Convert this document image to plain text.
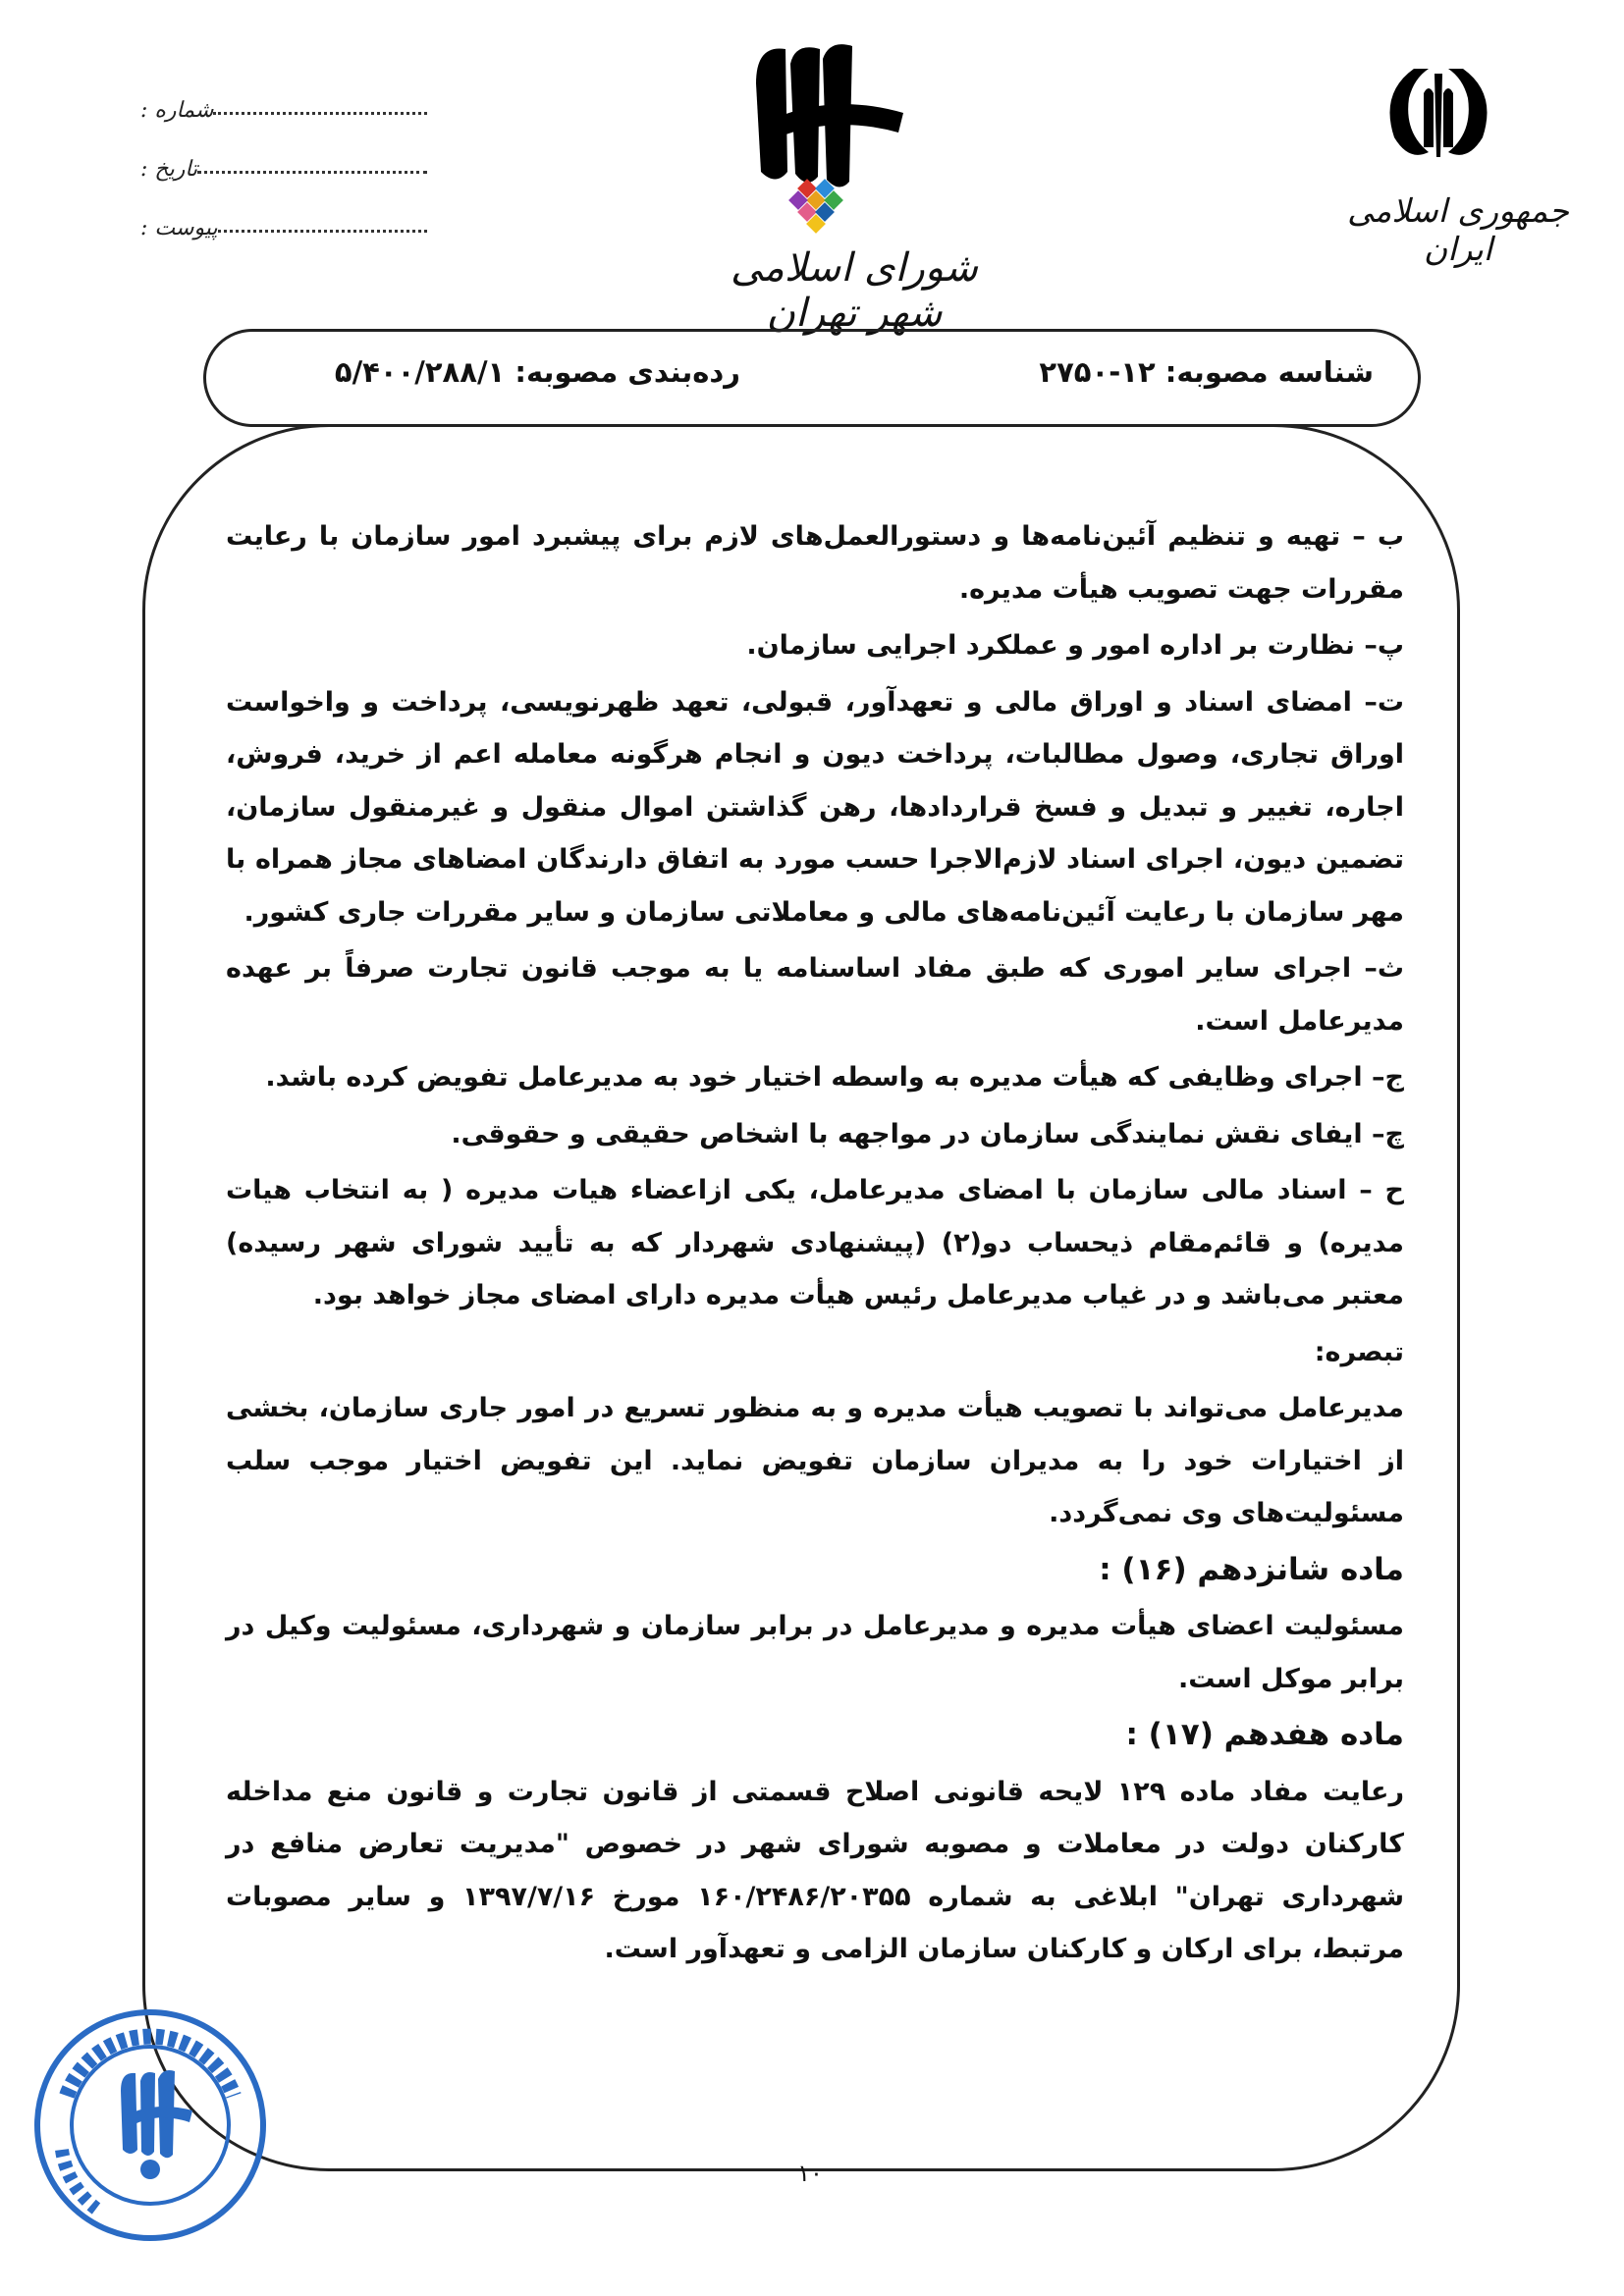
شماره :
تاریخ :
پیوست :
شورای اسلامی شهر تهران
جمهوری اسلامی ایران
شناسه مصوبه: ۱۲-۲۷۵۰
رده‌بندی مصوبه: ۵/۴۰۰/۲۸۸/۱

ب – تهیه و تنظیم آئین‌نامه‌ها و دستورالعمل‌های لازم برای پیشبرد امور سازمان با رعایت مقررات جهت تصویب هیأت مدیره.

پ– نظارت بر اداره امور و عملکرد اجرایی سازمان.

ت– امضای اسناد و اوراق مالی و تعهدآور، قبولی، تعهد ظهرنویسی، پرداخت و واخواست اوراق تجاری، وصول مطالبات، پرداخت دیون و انجام هرگونه معامله اعم از خرید، فروش، اجاره، تغییر و تبدیل و فسخ قراردادها، رهن گذاشتن اموال منقول و غیرمنقول سازمان، تضمین دیون، اجرای اسناد لازم‌الاجرا حسب مورد به اتفاق دارندگان امضاهای مجاز همراه با مهر سازمان با رعایت آئین‌نامه‌های مالی و معاملاتی سازمان و سایر مقررات جاری کشور.

ث– اجرای سایر اموری که طبق مفاد اساسنامه یا به موجب قانون تجارت صرفاً بر عهده مدیرعامل است.

ج– اجرای وظایفی که هیأت مدیره به واسطه اختیار خود به مدیرعامل تفویض کرده باشد.

چ– ایفای نقش نمایندگی سازمان در مواجهه با اشخاص حقیقی و حقوقی.

ح – اسناد مالی سازمان با امضای مدیرعامل، یکی ازاعضاء هیات مدیره ( به انتخاب هیات مدیره) و قائم‌مقام ذیحساب دو(۲) (پیشنهادی شهردار که به تأیید شورای شهر رسیده) معتبر می‌باشد و در غیاب مدیرعامل رئیس هیأت مدیره دارای امضای مجاز خواهد بود.

تبصره:

مدیرعامل می‌تواند با تصویب هیأت مدیره و به منظور تسریع در امور جاری سازمان، بخشی از اختیارات خود را به مدیران سازمان تفویض نماید. این تفویض اختیار موجب سلب مسئولیت‌های وی نمی‌گردد.

ماده شانزدهم (۱۶) :

مسئولیت اعضای هیأت مدیره و مدیرعامل در برابر سازمان و شهرداری، مسئولیت وکیل در برابر موکل است.

ماده هفدهم (۱۷) :

رعایت مفاد ماده ۱۲۹ لایحه قانونی اصلاح قسمتی از قانون تجارت و قانون منع مداخله کارکنان دولت در معاملات و مصوبه شورای شهر در خصوص "مدیریت تعارض منافع در شهرداری تهران" ابلاغی به شماره ۱۶۰/۲۴۸۶/۲۰۳۵۵ مورخ ۱۳۹۷/۷/۱۶ و سایر مصوبات مرتبط، برای ارکان و کارکنان سازمان الزامی و تعهدآور است.

۱۰
